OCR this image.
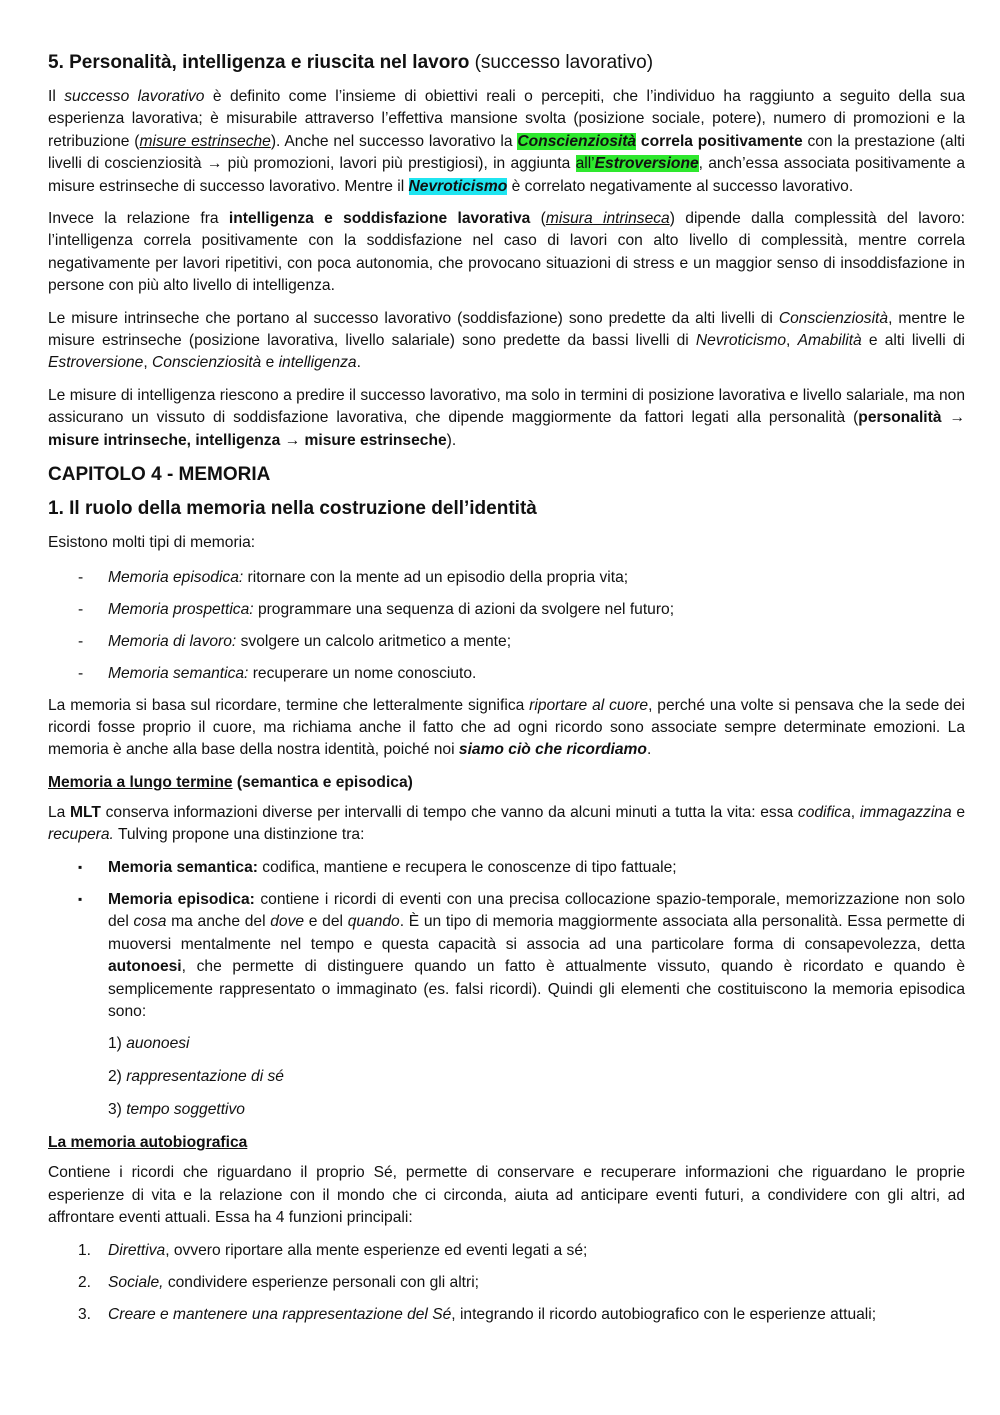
5. Personalità, intelligenza e riuscita nel lavoro (successo lavorativo)

Il successo lavorativo è definito come l’insieme di obiettivi reali o percepiti, che l’individuo ha raggiunto a seguito della sua esperienza lavorativa; è misurabile attraverso l’effettiva mansione svolta (posizione sociale, potere), numero di promozioni e la retribuzione (misure estrinseche). Anche nel successo lavorativo la Conscienziosità correla positivamente con la prestazione (alti livelli di coscienziosità → più promozioni, lavori più prestigiosi), in aggiunta all’Estroversione, anch’essa associata positivamente a misure estrinseche di successo lavorativo. Mentre il Nevroticismo è correlato negativamente al successo lavorativo.

Invece la relazione fra intelligenza e soddisfazione lavorativa (misura intrinseca) dipende dalla complessità del lavoro: l’intelligenza correla positivamente con la soddisfazione nel caso di lavori con alto livello di complessità, mentre correla negativamente per lavori ripetitivi, con poca autonomia, che provocano situazioni di stress e un maggior senso di insoddisfazione in persone con più alto livello di intelligenza.

Le misure intrinseche che portano al successo lavorativo (soddisfazione) sono predette da alti livelli di Conscienziosità, mentre le misure estrinseche (posizione lavorativa, livello salariale) sono predette da bassi livelli di Nevroticismo, Amabilità e alti livelli di Estroversione, Conscienziosità e intelligenza.

Le misure di intelligenza riescono a predire il successo lavorativo, ma solo in termini di posizione lavorativa e livello salariale, ma non assicurano un vissuto di soddisfazione lavorativa, che dipende maggiormente da fattori legati alla personalità (personalità → misure intrinseche, intelligenza → misure estrinseche).

CAPITOLO 4 - MEMORIA
1. Il ruolo della memoria nella costruzione dell’identità

Esistono molti tipi di memoria:

- Memoria episodica: ritornare con la mente ad un episodio della propria vita;
- Memoria prospettica: programmare una sequenza di azioni da svolgere nel futuro;
- Memoria di lavoro: svolgere un calcolo aritmetico a mente;
- Memoria semantica: recuperare un nome conosciuto.

La memoria si basa sul ricordare, termine che letteralmente significa riportare al cuore, perché una volte si pensava che la sede dei ricordi fosse proprio il cuore, ma richiama anche il fatto che ad ogni ricordo sono associate sempre determinate emozioni. La memoria è anche alla base della nostra identità, poiché noi siamo ciò che ricordiamo.

Memoria a lungo termine (semantica e episodica)

La MLT conserva informazioni diverse per intervalli di tempo che vanno da alcuni minuti a tutta la vita: essa codifica, immagazzina e recupera. Tulving propone una distinzione tra:

▪ Memoria semantica: codifica, mantiene e recupera le conoscenze di tipo fattuale;
▪ Memoria episodica: contiene i ricordi di eventi con una precisa collocazione spazio-temporale, memorizzazione non solo del cosa ma anche del dove e del quando. È un tipo di memoria maggiormente associata alla personalità. Essa permette di muoversi mentalmente nel tempo e questa capacità si associa ad una particolare forma di consapevolezza, detta autonoesi, che permette di distinguere quando un fatto è attualmente vissuto, quando è ricordato e quando è semplicemente rappresentato o immaginato (es. falsi ricordi). Quindi gli elementi che costituiscono la memoria episodica sono:
1) auonoesi
2) rappresentazione di sé
3) tempo soggettivo
La memoria autobiografica

Contiene i ricordi che riguardano il proprio Sé, permette di conservare e recuperare informazioni che riguardano le proprie esperienze di vita e la relazione con il mondo che ci circonda, aiuta ad anticipare eventi futuri, a condividere con gli altri, ad affrontare eventi attuali. Essa ha 4 funzioni principali:

1. Direttiva, ovvero riportare alla mente esperienze ed eventi legati a sé;
2. Sociale, condividere esperienze personali con gli altri;
3. Creare e mantenere una rappresentazione del Sé, integrando il ricordo autobiografico con le esperienze attuali;
